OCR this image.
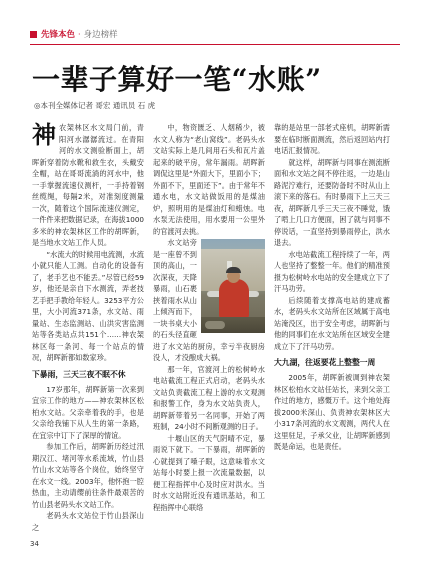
先锋本色 · 身边榜样
一辈子算好一笔“水账”
◎本刊全媒体记者 哥宏 通讯员 石 虎

神农架林区水文局门前，青阳河水潺潺流过。在青阳河的水文测验断面上，胡晖新穿着防水靴和救生衣，头戴安全帽，站在哥哥流淌的河水中，他一手掌握流速仪测杆，一手持着钢丝缆绳，每隔2米，对准刻度测量一次，随着这个国际流速仪测定，一件件来把数据记录，在海拔1000多米的神农架林区工作的胡晖新，是当地水文站工作人员。

“水流大的时候用电流测，水流小就只能人工测。自动化的设备有了，老手艺也不能丢。”尽管已经59岁，他还是亲自下水测流，弄老技艺手把手教给年轻人。3253平方公里，大小河流371条，水文站、雨量站、生态监测站、山洪灾害监测站等各类站点共151个……神农架林区每一条河、每一个站点的情况，胡晖新都如数家珍。

下暴雨，三天三夜不眠不休

17岁那年，胡晖新第一次来到宜宗工作的地方——神农架林区松柏水文站。父亲牵着我的手，也是父亲给我铺下从人生的第一条路，在宜宗中订下了深厚的情谊。

参加工作后，胡晖新历经过汛期汉江、堵河等水系流域，竹山县竹山水文站等各个岗位，始终坚守在水文一线。2003年，他怀抱一腔热血，主动请缨前往条件最艰苦的竹山县老码头水文站工作。

老码头水文站位于竹山县深山之

中，物资匮乏、人烟稀少，被水文人称为“老山窝线”。老码头水文站实际上是几间用石头和瓦片盖起来的破平房，常年漏雨。胡晖新调侃这里是“外面大下，里面小下；外面不下，里面还下”。由于常年不通水电，水文站做饭用的是煤油炉，照明用的是煤油灯和蜡烛。电水泵无法使用，用水要用一公里外的官渡河去挑。

水文站旁是一座曾不到顶的高山，一次深夜，天降暴雨，山石裹挟着雨水从山上倾泻而下，一块书桌大小的石头径直砸进了水文站的厨房，幸亏半夜厨房没人，才没酿成大祸。

那一年，官渡河上的松树岭水电站截流工程正式启动，老码头水文站负责截流工程上游的水文观测和报警工作，身为水文站负责人，胡晖新带着另一名同事，开始了两班制，24小时不间断观测的日子。

十堰山区的天气阴晴不定，暴雨说下就下。一下暴雨，胡晖新的心就提到了嗓子眼，这意味着水文站每小时要上报一次流量数据，以便工程指挥中心及时应对洪水。当时水文站附近没有通讯基站，和工程指挥中心联络

靠的是站里一部老式座机，胡晖新需要在临时断面测流，然后返回站内打电话汇报情况。

就这样，胡晖新与同事在测流断面和水文站之间不停往返，一边是山路泥泞难行，还要防备时不时从山上滚下来的落石。有时暴雨下上三天三夜，胡晖新几乎三天三夜不睡觉，饿了啃上几口方便面，困了就与同事不停说话，一直坚持到暴雨停止，洪水退去。

水电站截流工程持续了一年，两人也坚持了整整一年。他们的精准预报为松树岭水电站的安全建成立下了汗马功劳。

后续随着支撑高电站的建成蓄水，老码头水文站所在区域属于高电站淹没区，出于安全考虑，胡晖新与他的同事们在水文站所在区域安全建成立下了汗马功劳。

大九湖，往返要花上整整一周

2005年，胡晖新被调到神农架林区松柏水文站任站长，来到父亲工作过的地方，感慨万千。这个地处海拔2000米深山、负责神农架林区大小317条河流的水文观测，两代人在这里驻足，子承父业，让胡晖新感到既是命运，也是责任。

34
